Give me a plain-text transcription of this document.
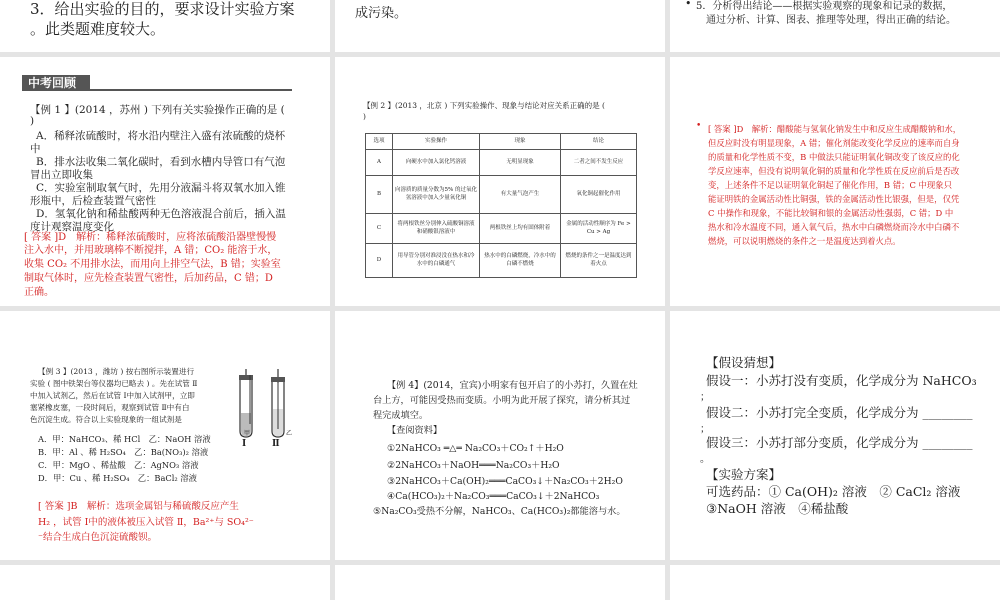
3．给出实验的目的，要求设计实验方案
。此类题难度较大。
成污染。
• 5．分析得出结论——根据实验观察的现象和记录的数据，
通过分析、计算、图表、推理等处理，得出正确的结论。
中考回顾
【例 1 】(2014 ，苏州 ) 下列有关实验操作正确的是 (
)
A．稀释浓硫酸时，将水沿内壁注入盛有浓硫酸的烧杯
中
B．排水法收集二氧化碳时，看到水槽内导管口有气泡
冒出立即收集
C．实验室制取氧气时，先用分液漏斗将双氧水加入锥
形瓶中，后检查装置气密性
D．氢氧化钠和稀盐酸两种无色溶液混合前后，插入温
度计观察温度变化
[ 答案 ]D　解析：稀释浓硫酸时，应将浓硫酸沿器壁慢慢
注入水中，并用玻璃棒不断搅拌，A 错；CO₂ 能溶于水，
收集 CO₂ 不用排水法，而用向上排空气法，B 错；实验室
制取气体时，应先检查装置气密性，后加药品，C 错；D
正确。
【例 2 】(2013 ，北京 ) 下列实验操作、现象与结论对应关系正确的是 (
)
选项	实验操作	现象	结论
A	向硬水中加入氯化钙溶液	无明显现象	二者之间不发生反应
B	向溶质的质量分数为5% 的过氧化氢溶液中加入少量氧化铜	有大量气泡产生	氧化铜起催化作用
C	将两根铁丝分别伸入硫酸铜溶液和硝酸银溶液中	两根铁丝上均有固体附着	金属的活动性顺序为 Fe > Cu > Ag
D	用导管分别对准浸没在热水和冷水中的白磷通气	热水中的白磷燃烧，冷水中的白磷不燃烧	燃烧的条件之一是温度达到着火点
• [ 答案 ]D　解析：醋酸能与氢氧化钠发生中和反应生成醋酸钠和水，
但反应时没有明显现象，A 错；催化剂能改变化学反应的速率而自身
的质量和化学性质不变，B 中做法只能证明氧化铜改变了该反应的化
学反应速率，但没有说明氧化铜的质量和化学性质在反应前后是否改
变，上述条件不足以证明氧化铜起了催化作用，B 错；C 中现象只
能证明铁的金属活动性比铜强，铁的金属活动性比银强，但是，仅凭
C 中操作和现象，不能比较铜和银的金属活动性强弱，C 错；D 中
热水和冷水温度不同，通入氧气后，热水中白磷燃烧而冷水中白磷不
燃烧，可以说明燃烧的条件之一是温度达到着火点。
【例 3 】(2013 ，潍坊 ) 按右图所示装置进行
实验 ( 图中铁架台等仪器均已略去 ) 。先在试管 Ⅱ
中加入试剂乙，然后在试管 Ⅰ中加入试剂甲，立即
塞紧橡皮塞，一段时间后，观察到试管 Ⅱ中有白
色沉淀生成。符合以上实验现象的一组试剂是
A．甲：NaHCO₃、稀 HCl　乙：NaOH 溶液
B．甲：Al 、稀 H₂SO₄　乙：Ba(NO₃)₂ 溶液
C．甲：MgO 、稀盐酸　乙：AgNO₃ 溶液
D．甲：Cu 、稀 H₂SO₄　乙：BaCl₂ 溶液
甲	乙
Ⅰ	Ⅱ
[ 答案 ]B　解析：选项金属铝与稀硫酸反应产生
H₂ ，试管 Ⅰ中的液体被压入试管 Ⅱ，Ba²⁺与 SO₄²⁻
⁻结合生成白色沉淀硫酸钡。
【例 4】(2014，宜宾)小明家有包开启了的小苏打，久置在灶
台上方，可能因受热而变质。小明为此开展了探究，请分析其过
程完成填空。
【查阅资料】
①2NaHCO₃ ═△═ Na₂CO₃＋CO₂↑＋H₂O
②2NaHCO₃＋NaOH═══Na₂CO₃＋H₂O
③2NaHCO₃＋Ca(OH)₂═══CaCO₃↓＋Na₂CO₃＋2H₂O
④Ca(HCO₃)₂＋Na₂CO₃═══CaCO₃↓＋2NaHCO₃
⑤Na₂CO₃受热不分解，NaHCO₃、Ca(HCO₃)₂都能溶与水。
【假设猜想】
假设一：小苏打没有变质，化学成分为 NaHCO₃
；
假设二：小苏打完全变质，化学成分为 ________
；
假设三：小苏打部分变质，化学成分为 ________
。
【实验方案】
可选药品：① Ca(OH)₂ 溶液　② CaCl₂ 溶液
③NaOH 溶液　④稀盐酸
